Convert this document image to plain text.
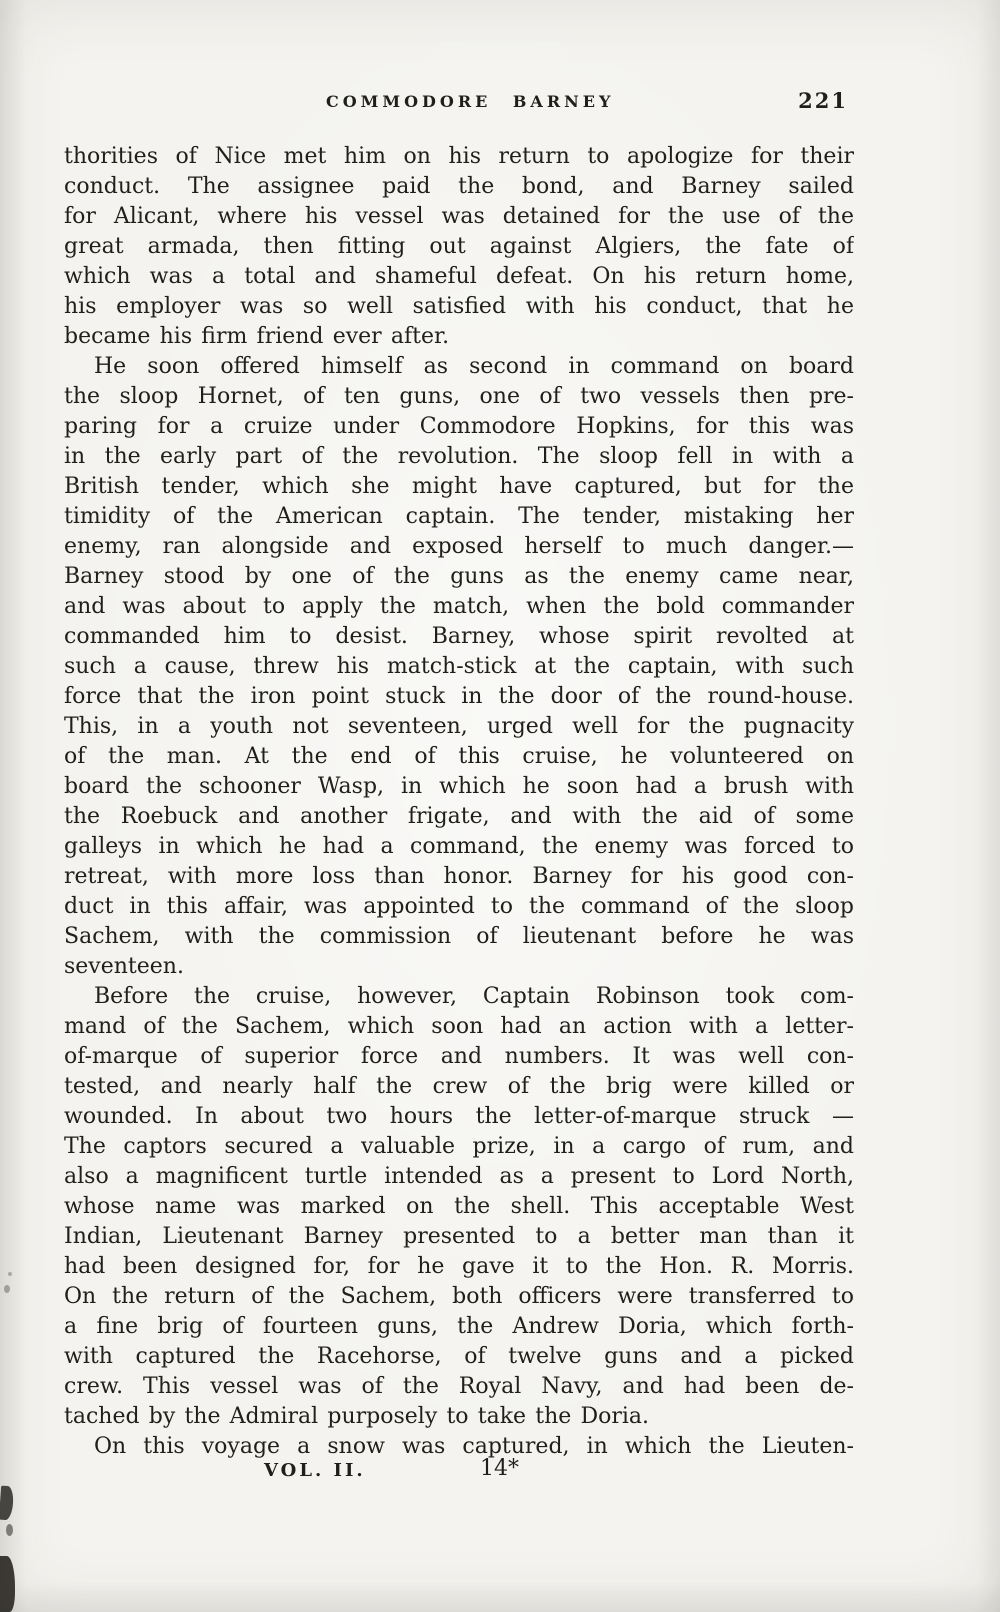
COMMODORE BARNEY	221
thorities of Nice met him on his return to apologize for their
conduct. The assignee paid the bond, and Barney sailed
for Alicant, where his vessel was detained for the use of the
great armada, then fitting out against Algiers, the fate of
which was a total and shameful defeat. On his return home,
his employer was so well satisfied with his conduct, that he
became his firm friend ever after.
He soon offered himself as second in command on board
the sloop Hornet, of ten guns, one of two vessels then pre-
paring for a cruize under Commodore Hopkins, for this was
in the early part of the revolution. The sloop fell in with a
British tender, which she might have captured, but for the
timidity of the American captain. The tender, mistaking her
enemy, ran alongside and exposed herself to much danger.—
Barney stood by one of the guns as the enemy came near,
and was about to apply the match, when the bold commander
commanded him to desist. Barney, whose spirit revolted at
such a cause, threw his match-stick at the captain, with such
force that the iron point stuck in the door of the round-house.
This, in a youth not seventeen, urged well for the pugnacity
of the man. At the end of this cruise, he volunteered on
board the schooner Wasp, in which he soon had a brush with
the Roebuck and another frigate, and with the aid of some
galleys in which he had a command, the enemy was forced to
retreat, with more loss than honor. Barney for his good con-
duct in this affair, was appointed to the command of the sloop
Sachem, with the commission of lieutenant before he was
seventeen.
Before the cruise, however, Captain Robinson took com-
mand of the Sachem, which soon had an action with a letter-
of-marque of superior force and numbers. It was well con-
tested, and nearly half the crew of the brig were killed or
wounded. In about two hours the letter-of-marque struck —
The captors secured a valuable prize, in a cargo of rum, and
also a magnificent turtle intended as a present to Lord North,
whose name was marked on the shell. This acceptable West
Indian, Lieutenant Barney presented to a better man than it
had been designed for, for he gave it to the Hon. R. Morris.
On the return of the Sachem, both officers were transferred to
a fine brig of fourteen guns, the Andrew Doria, which forth-
with captured the Racehorse, of twelve guns and a picked
crew. This vessel was of the Royal Navy, and had been de-
tached by the Admiral purposely to take the Doria.
On this voyage a snow was captured, in which the Lieuten-
VOL. II.	14*
